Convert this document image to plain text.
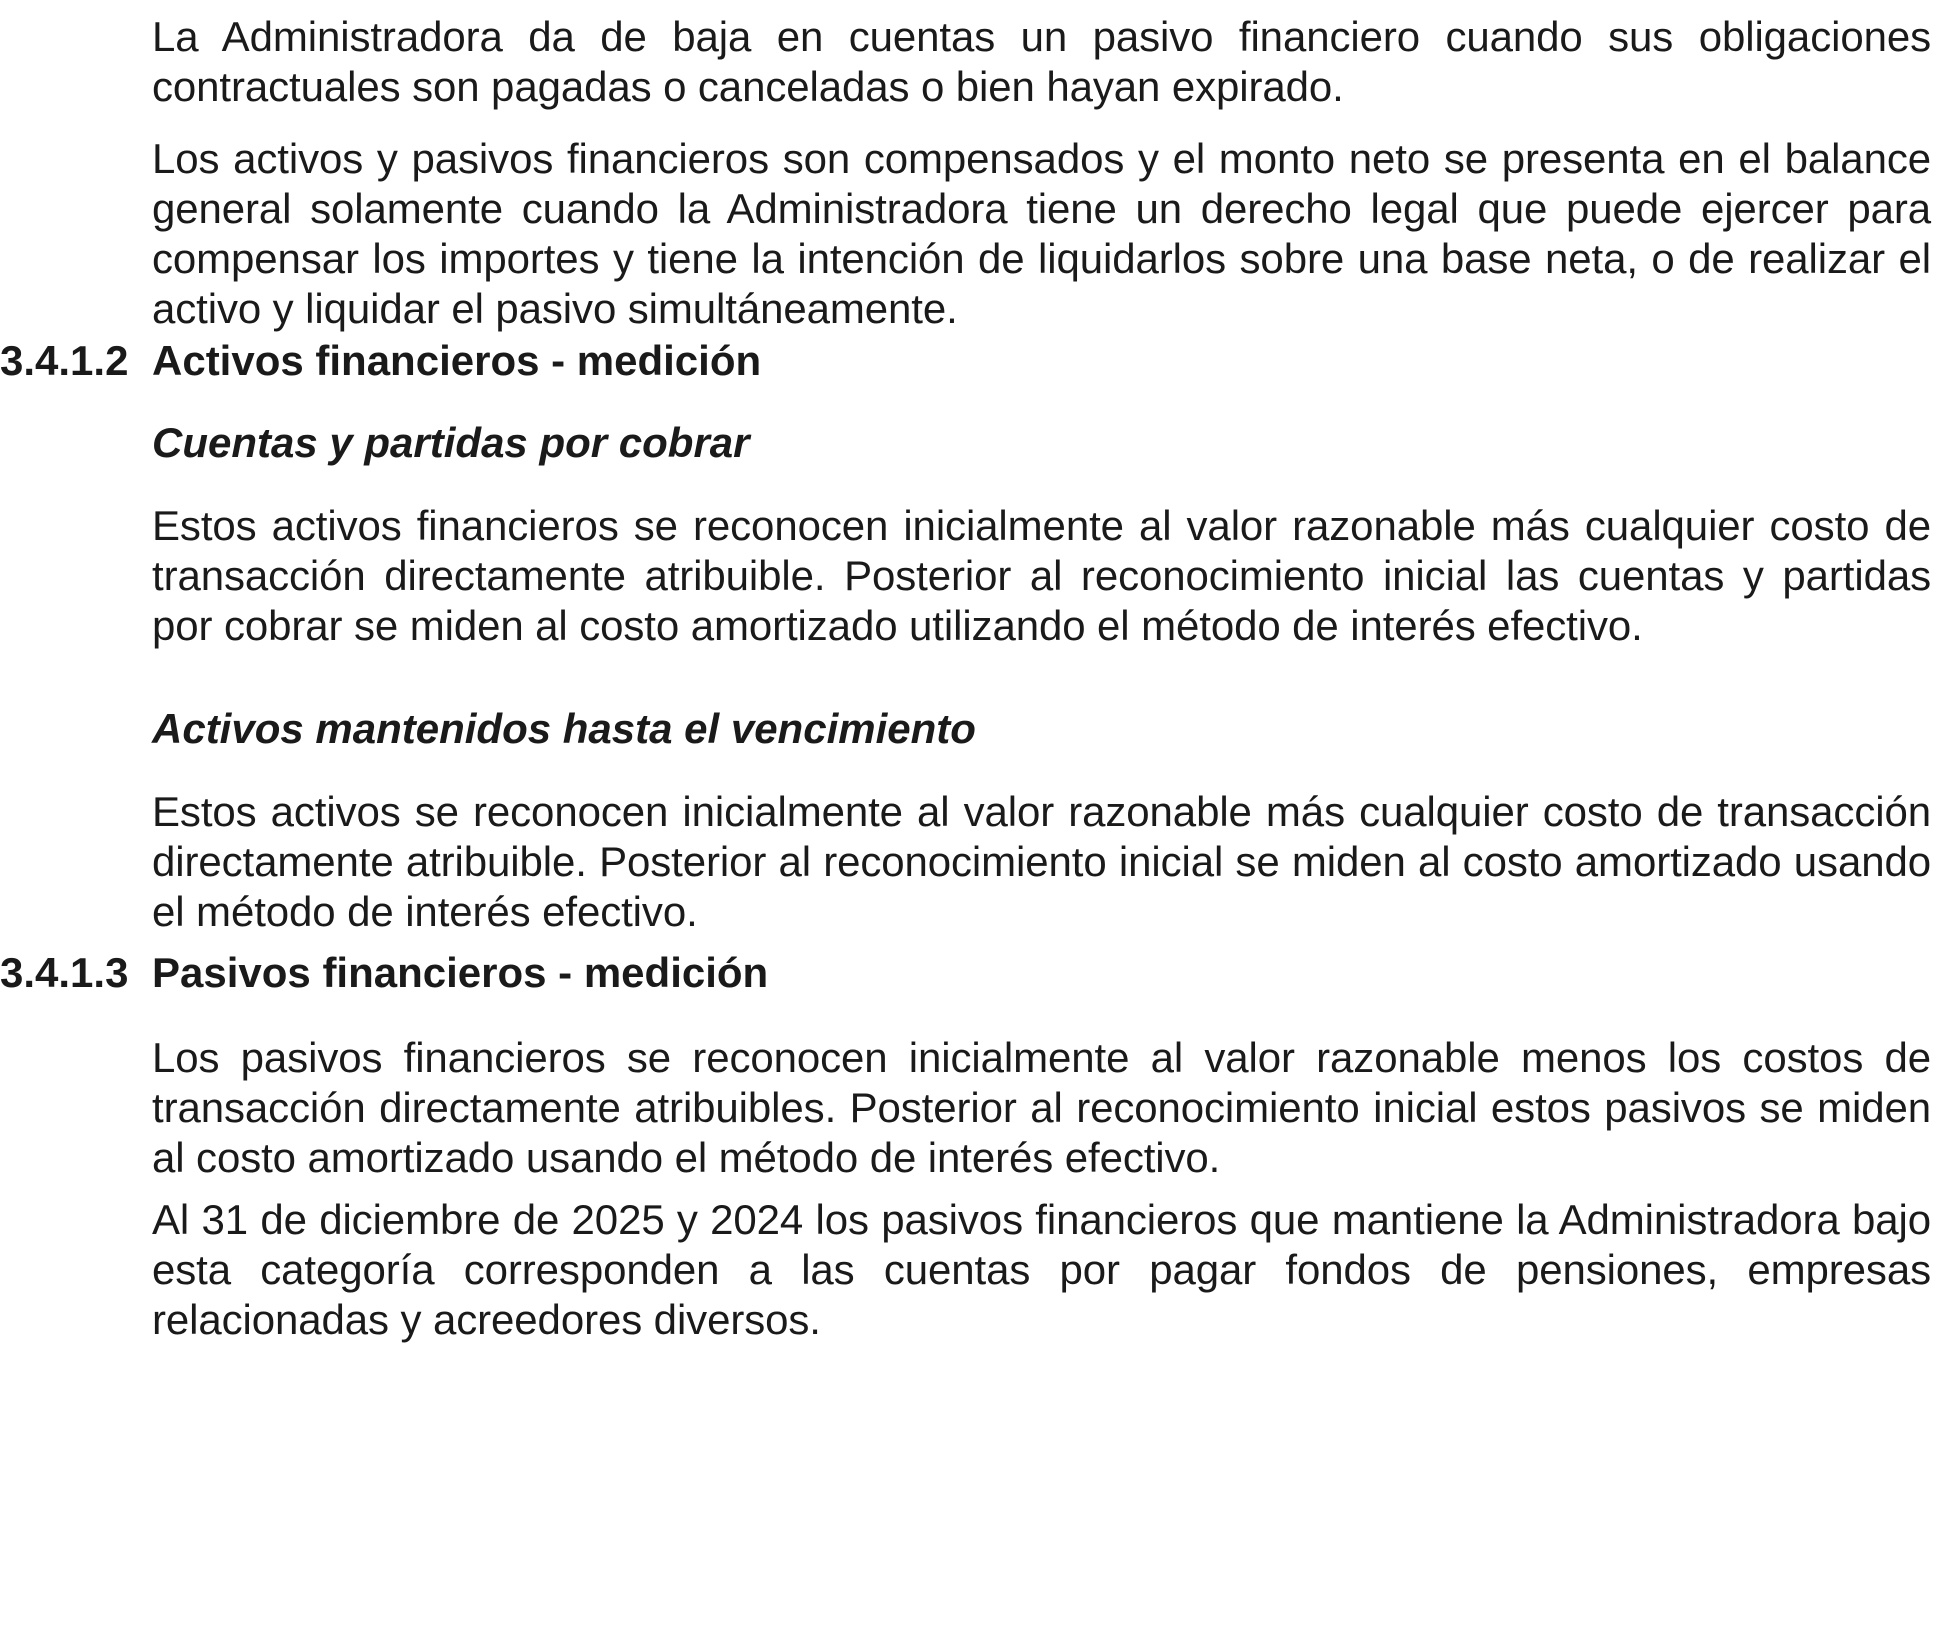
La Administradora da de baja en cuentas un pasivo financiero cuando sus obligaciones contractuales son pagadas o canceladas o bien hayan expirado.

Los activos y pasivos financieros son compensados y el monto neto se presenta en el balance general solamente cuando la Administradora tiene un derecho legal que puede ejercer para compensar los importes y tiene la intención de liquidarlos sobre una base neta, o de realizar el activo y liquidar el pasivo simultáneamente.

3.4.1.2 Activos financieros - medición

Cuentas y partidas por cobrar

Estos activos financieros se reconocen inicialmente al valor razonable más cualquier costo de transacción directamente atribuible. Posterior al reconocimiento inicial las cuentas y partidas por cobrar se miden al costo amortizado utilizando el método de interés efectivo.

Activos mantenidos hasta el vencimiento

Estos activos se reconocen inicialmente al valor razonable más cualquier costo de transacción directamente atribuible. Posterior al reconocimiento inicial se miden al costo amortizado usando el método de interés efectivo.

3.4.1.3 Pasivos financieros - medición

Los pasivos financieros se reconocen inicialmente al valor razonable menos los costos de transacción directamente atribuibles. Posterior al reconocimiento inicial estos pasivos se miden al costo amortizado usando el método de interés efectivo.

Al 31 de diciembre de 2025 y 2024 los pasivos financieros que mantiene la Administradora bajo esta categoría corresponden a las cuentas por pagar fondos de pensiones, empresas relacionadas y acreedores diversos.
